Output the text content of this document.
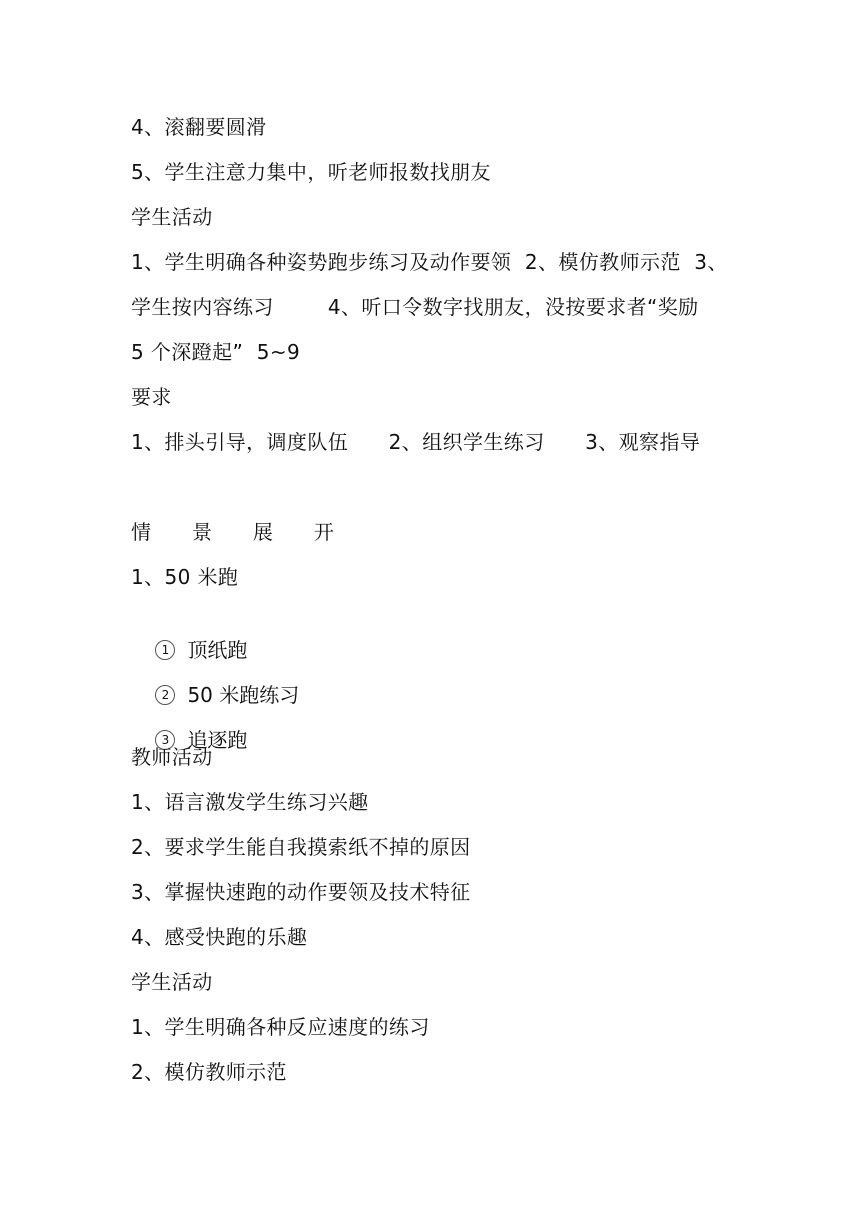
4、滚翻要圆滑
5、学生注意力集中，听老师报数找朋友
学生活动
1、学生明确各种姿势跑步练习及动作要领  2、模仿教师示范  3、
学生按内容练习        4、听口令数字找朋友，没按要求者“奖励
5 个深蹬起”  5~9
要求
1、排头引导，调度队伍      2、组织学生练习      3、观察指导
情      景      展      开
1、50 米跑

1 顶纸跑

2 50 米跑练习

3 追逐跑

教师活动
1、语言激发学生练习兴趣
2、要求学生能自我摸索纸不掉的原因
3、掌握快速跑的动作要领及技术特征
4、感受快跑的乐趣
学生活动
1、学生明确各种反应速度的练习
2、模仿教师示范
